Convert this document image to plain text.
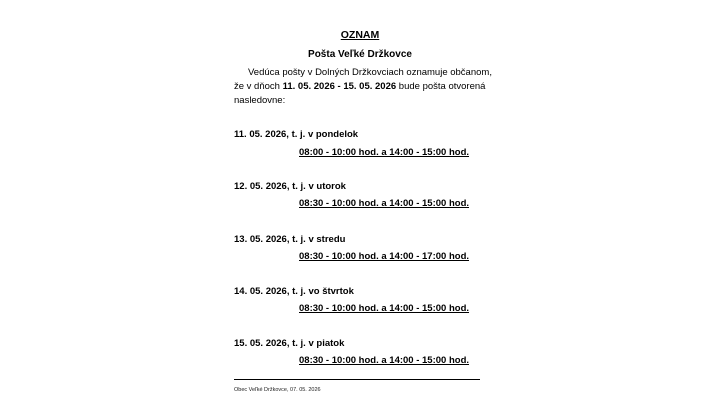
OZNAM
Pošta Veľké Držkovce
Vedúca pošty v Dolných Držkovciach oznamuje občanom, že v dňoch 11. 05. 2026 - 15. 05. 2026 bude pošta otvorená nasledovne:
11. 05. 2026, t. j. v pondelok
08:00 - 10:00 hod. a 14:00 - 15:00 hod.
12. 05. 2026, t. j. v utorok
08:30 - 10:00 hod. a 14:00 - 15:00 hod.
13. 05. 2026, t. j. v stredu
08:30 - 10:00 hod. a 14:00 - 17:00 hod.
14. 05. 2026, t. j. vo štvrtok
08:30 - 10:00 hod. a 14:00 - 15:00 hod.
15. 05. 2026, t. j. v piatok
08:30 - 10:00 hod. a 14:00 - 15:00 hod.
Obec Veľké Držkovce, 07. 05. 2026
